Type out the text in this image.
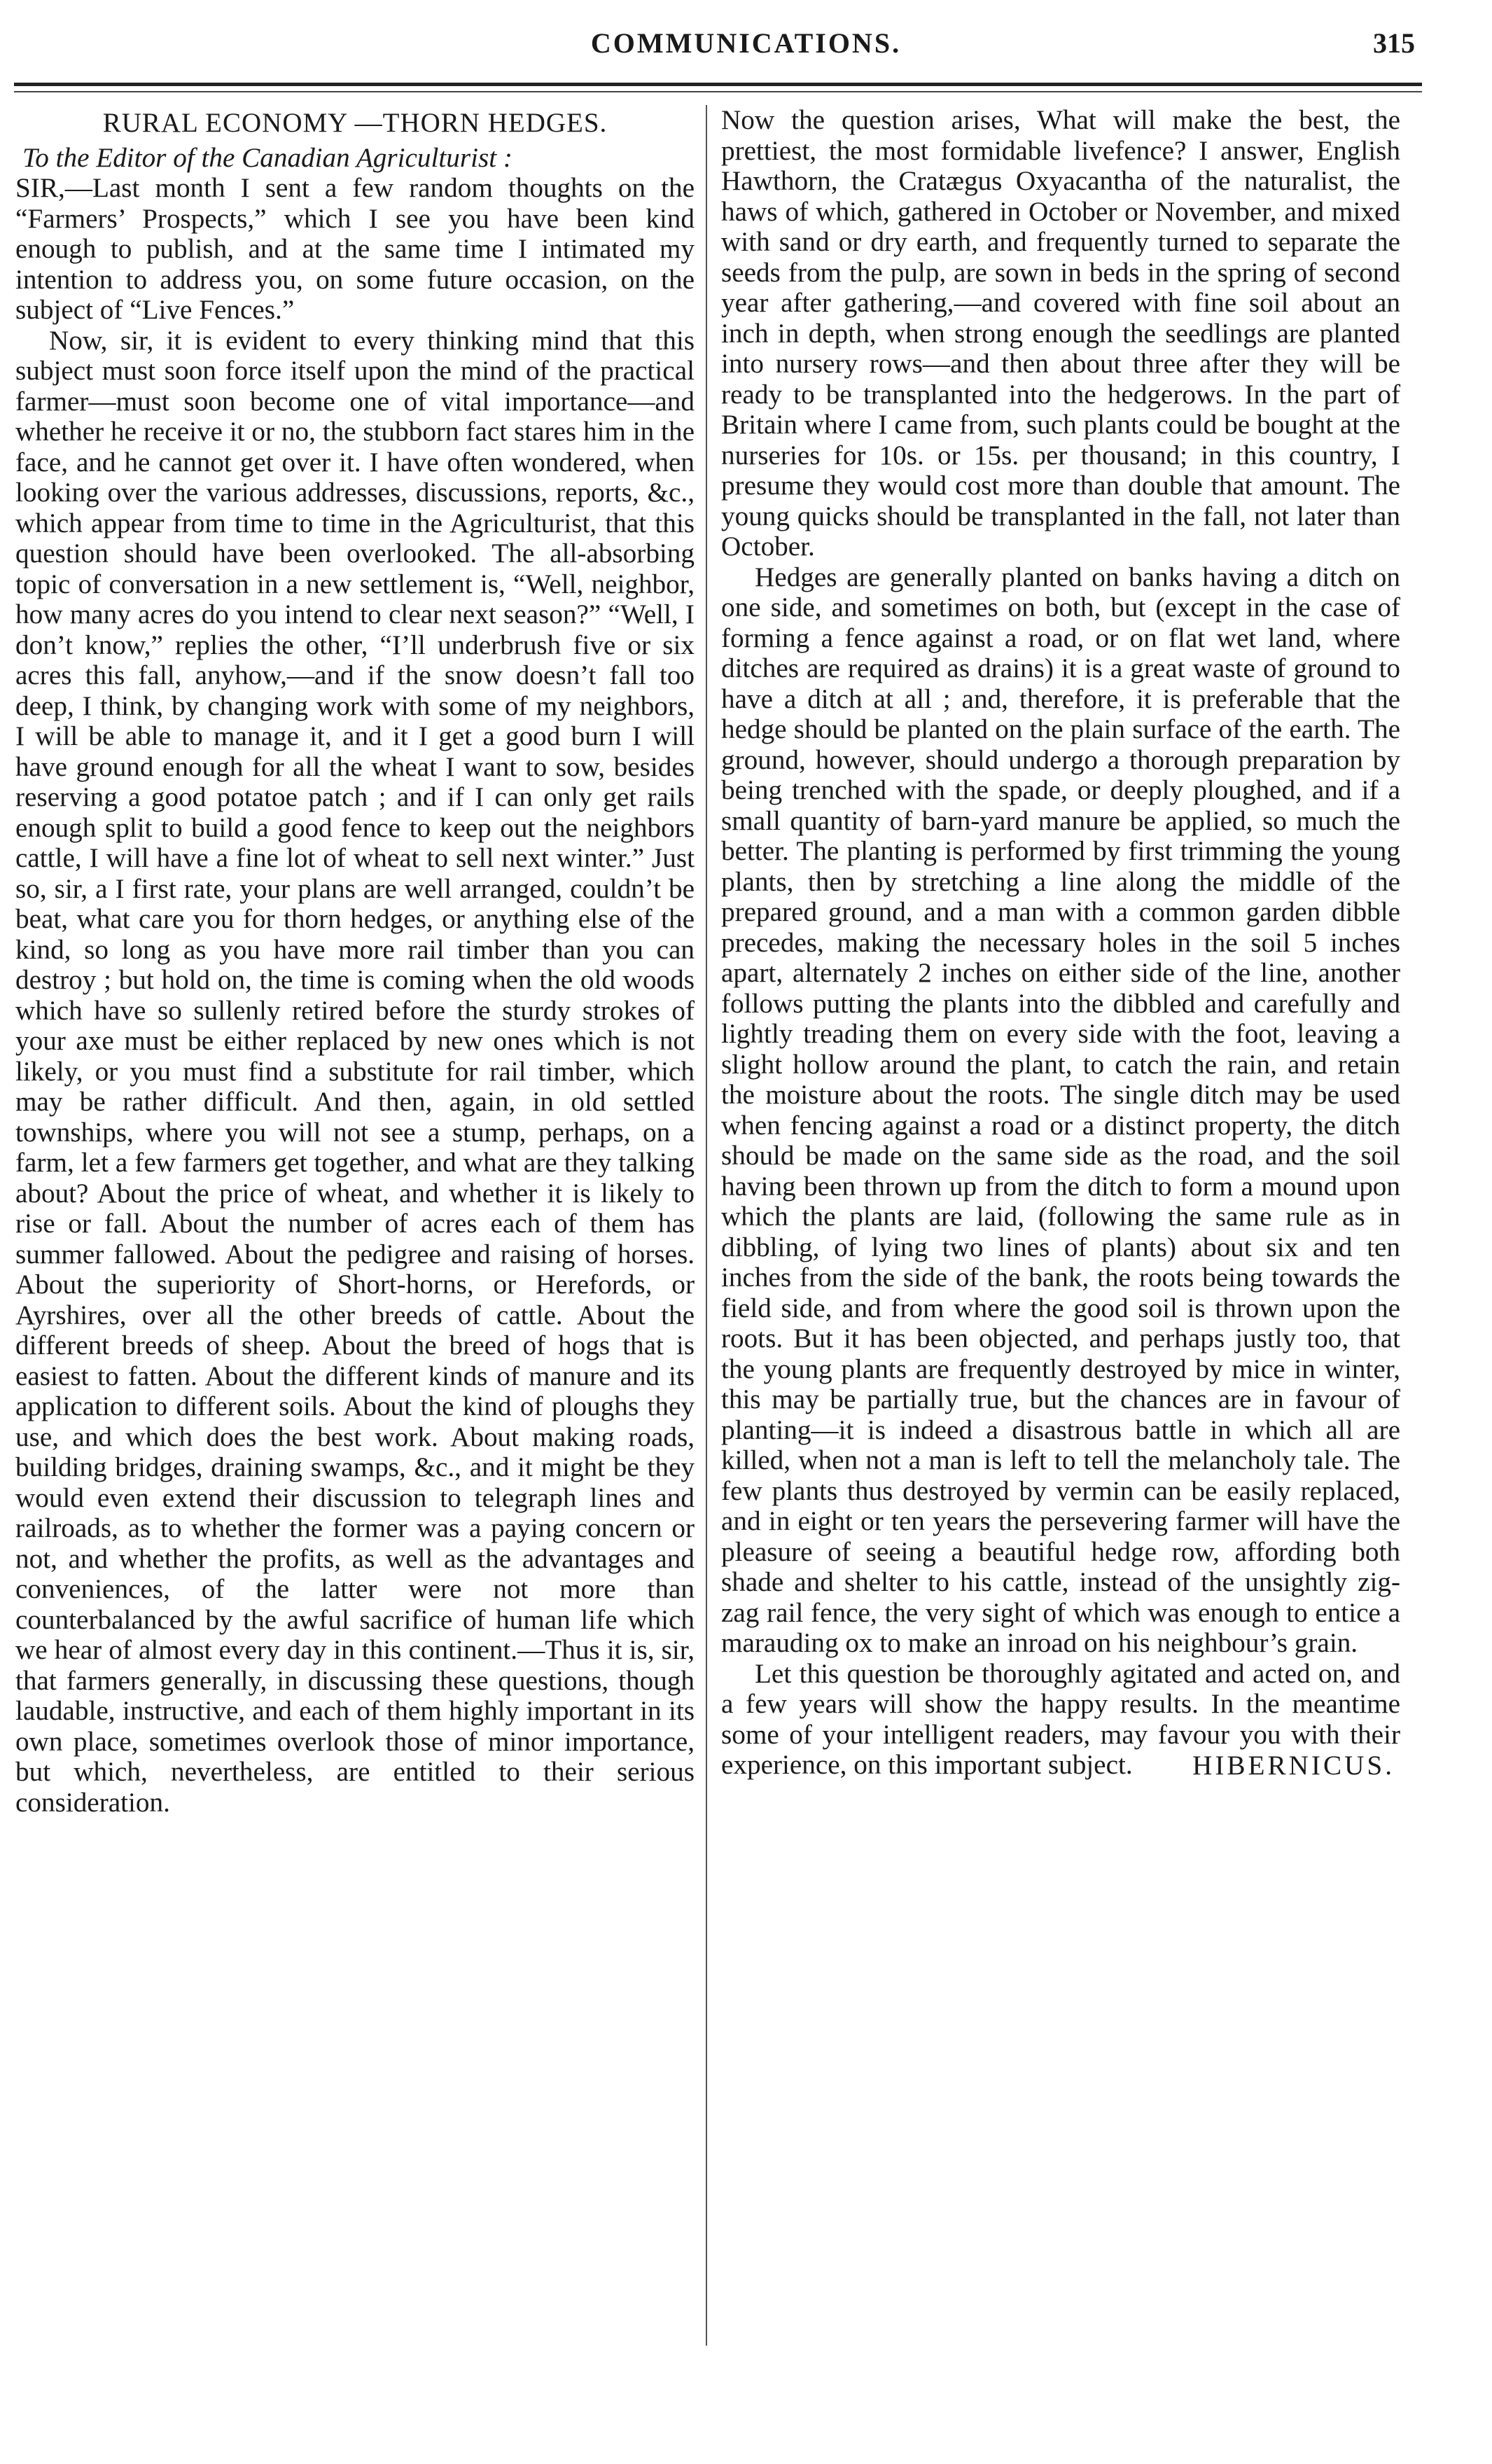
COMMUNICATIONS.	315
RURAL ECONOMY —THORN HEDGES.
To the Editor of the Canadian Agriculturist :

SIR,—Last month I sent a few random thoughts on the “Farmers’ Prospects,” which I see you have been kind enough to publish, and at the same time I intimated my intention to address you, on some future occasion, on the subject of “Live Fences.”

Now, sir, it is evident to every thinking mind that this subject must soon force itself upon the mind of the practical farmer—must soon become one of vital importance—and whether he receive it or no, the stubborn fact stares him in the face, and he cannot get over it. I have often wondered, when looking over the various addresses, discussions, reports, &c., which appear from time to time in the Agriculturist, that this question should have been overlooked. The all-absorbing topic of conversation in a new settlement is, “Well, neighbor, how many acres do you intend to clear next season?” “Well, I don’t know,” replies the other, “I’ll underbrush five or six acres this fall, anyhow,—and if the snow doesn’t fall too deep, I think, by changing work with some of my neighbors, I will be able to manage it, and it I get a good burn I will have ground enough for all the wheat I want to sow, besides reserving a good potatoe patch ; and if I can only get rails enough split to build a good fence to keep out the neighbors cattle, I will have a fine lot of wheat to sell next winter.” Just so, sir, a I first rate, your plans are well arranged, couldn’t be beat, what care you for thorn hedges, or anything else of the kind, so long as you have more rail timber than you can destroy ; but hold on, the time is coming when the old woods which have so sullenly retired before the sturdy strokes of your axe must be either replaced by new ones which is not likely, or you must find a substitute for rail timber, which may be rather difficult. And then, again, in old settled townships, where you will not see a stump, perhaps, on a farm, let a few farmers get together, and what are they talking about? About the price of wheat, and whether it is likely to rise or fall. About the number of acres each of them has summer fallowed. About the pedigree and raising of horses. About the superiority of Short-horns, or Herefords, or Ayrshires, over all the other breeds of cattle. About the different breeds of sheep. About the breed of hogs that is easiest to fatten. About the different kinds of manure and its application to different soils. About the kind of ploughs they use, and which does the best work. About making roads, building bridges, draining swamps, &c., and it might be they would even extend their discussion to telegraph lines and railroads, as to whether the former was a paying concern or not, and whether the profits, as well as the advantages and conveniences, of the latter were not more than counterbalanced by the awful sacrifice of human life which we hear of almost every day in this continent.—Thus it is, sir, that farmers generally, in discussing these questions, though laudable, instructive, and each of them highly important in its own place, sometimes overlook those of minor importance, but which, nevertheless, are entitled to their serious consideration.

Now the question arises, What will make the best, the prettiest, the most formidable livefence? I answer, English Hawthorn, the Cratægus Oxyacantha of the naturalist, the haws of which, gathered in October or November, and mixed with sand or dry earth, and frequently turned to separate the seeds from the pulp, are sown in beds in the spring of second year after gathering,—and covered with fine soil about an inch in depth, when strong enough the seedlings are planted into nursery rows—and then about three after they will be ready to be transplanted into the hedgerows. In the part of Britain where I came from, such plants could be bought at the nurseries for 10s. or 15s. per thousand; in this country, I presume they would cost more than double that amount. The young quicks should be transplanted in the fall, not later than October.

Hedges are generally planted on banks having a ditch on one side, and sometimes on both, but (except in the case of forming a fence against a road, or on flat wet land, where ditches are required as drains) it is a great waste of ground to have a ditch at all ; and, therefore, it is preferable that the hedge should be planted on the plain surface of the earth. The ground, however, should undergo a thorough preparation by being trenched with the spade, or deeply ploughed, and if a small quantity of barn-yard manure be applied, so much the better. The planting is performed by first trimming the young plants, then by stretching a line along the middle of the prepared ground, and a man with a common garden dibble precedes, making the necessary holes in the soil 5 inches apart, alternately 2 inches on either side of the line, another follows putting the plants into the dibbled and carefully and lightly treading them on every side with the foot, leaving a slight hollow around the plant, to catch the rain, and retain the moisture about the roots. The single ditch may be used when fencing against a road or a distinct property, the ditch should be made on the same side as the road, and the soil having been thrown up from the ditch to form a mound upon which the plants are laid, (following the same rule as in dibbling, of lying two lines of plants) about six and ten inches from the side of the bank, the roots being towards the field side, and from where the good soil is thrown upon the roots. But it has been objected, and perhaps justly too, that the young plants are frequently destroyed by mice in winter, this may be partially true, but the chances are in favour of planting—it is indeed a disastrous battle in which all are killed, when not a man is left to tell the melancholy tale. The few plants thus destroyed by vermin can be easily replaced, and in eight or ten years the persevering farmer will have the pleasure of seeing a beautiful hedge row, affording both shade and shelter to his cattle, instead of the unsightly zig-zag rail fence, the very sight of which was enough to entice a marauding ox to make an inroad on his neighbour’s grain.

Let this question be thoroughly agitated and acted on, and a few years will show the happy results. In the meantime some of your intelligent readers, may favour you with their experience, on this important subject.	HIBERNICUS.
